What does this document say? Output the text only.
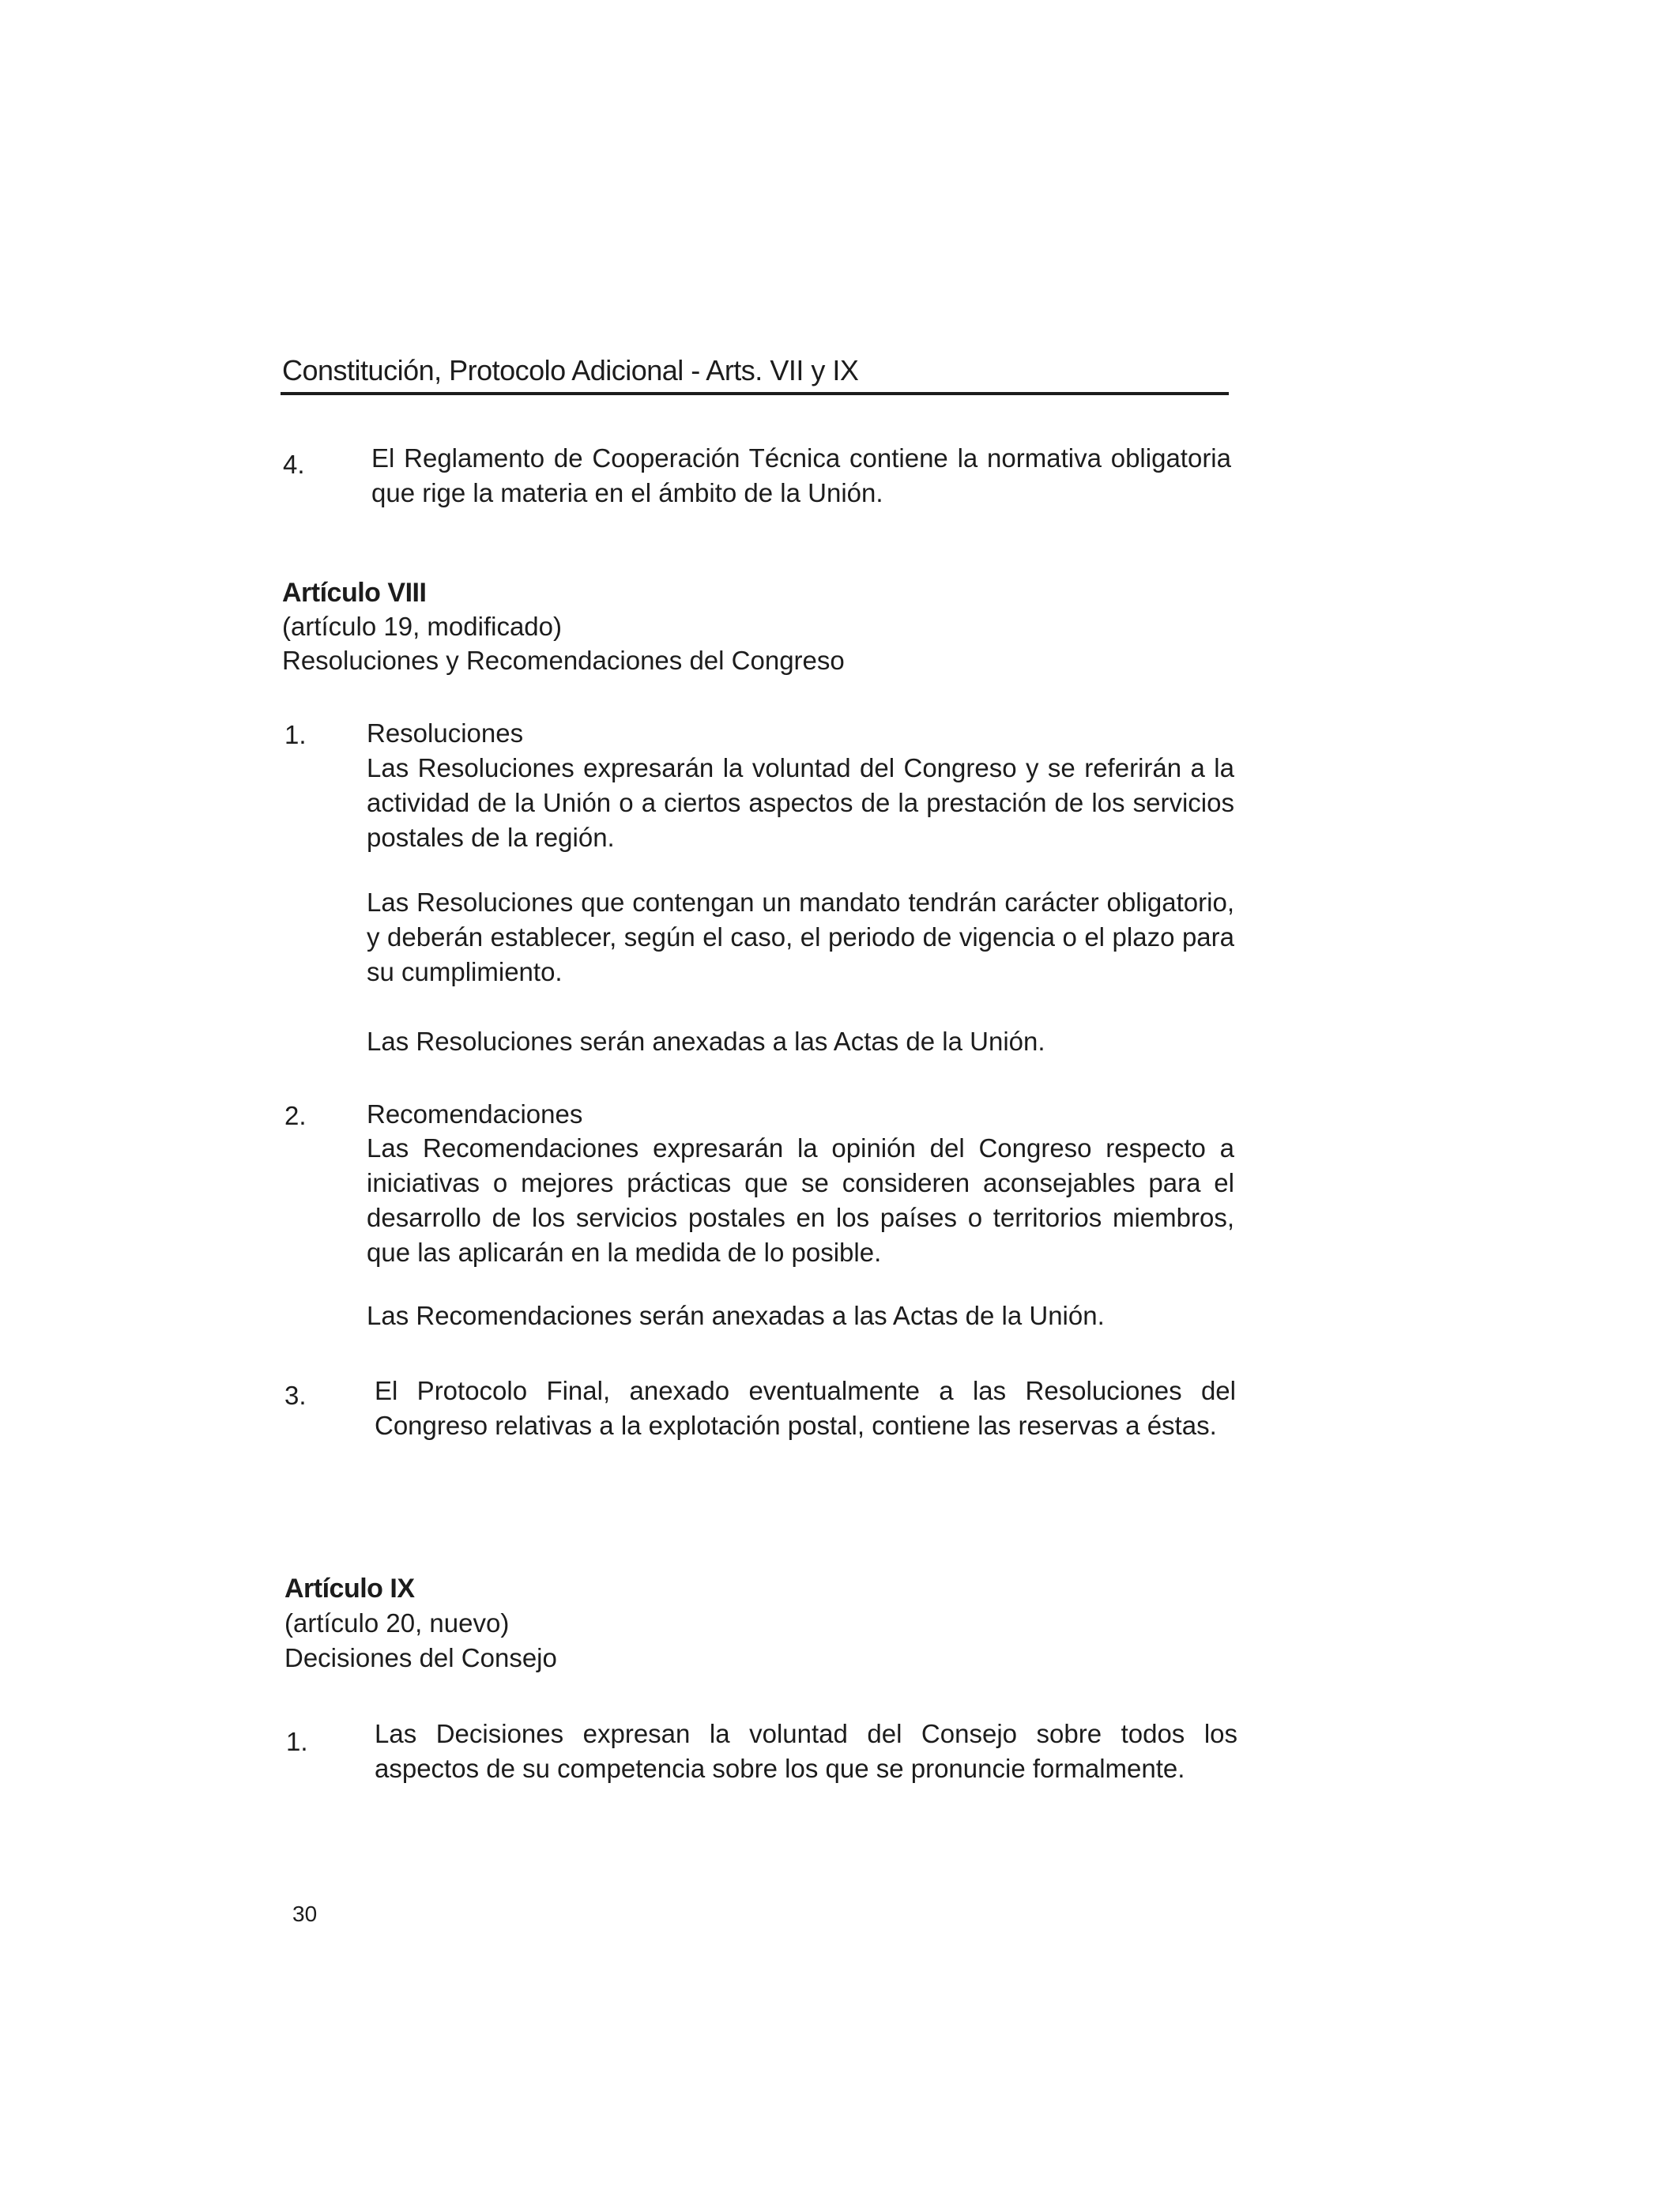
Constitución, Protocolo Adicional - Arts. VII y IX
4.	El Reglamento de Cooperación Técnica contiene la normativa obligatoria que rige la materia en el ámbito de la Unión.

Artículo VIII
(artículo 19, modificado)
Resoluciones y Recomendaciones del Congreso
1. Resoluciones

Las Resoluciones expresarán la voluntad del Congreso y se referirán a la actividad de la Unión o a ciertos aspectos de la prestación de los servicios postales de la región.

Las Resoluciones que contengan un mandato tendrán carácter obligatorio, y deberán establecer, según el caso, el periodo de vigencia o el plazo para su cumplimiento.

Las Resoluciones serán anexadas a las Actas de la Unión.

2. Recomendaciones

Las Recomendaciones expresarán la opinión del Congreso respecto a iniciativas o mejores prácticas que se consideren aconsejables para el desarrollo de los servicios postales en los países o territorios miembros, que las aplicarán en la medida de lo posible.

Las Recomendaciones serán anexadas a las Actas de la Unión.

3.	El Protocolo Final, anexado eventualmente a las Resoluciones del Congreso relativas a la explotación postal, contiene las reservas a éstas.

Artículo IX
(artículo 20, nuevo)
Decisiones del Consejo
1.	Las Decisiones expresan la voluntad del Consejo sobre todos los aspectos de su competencia sobre los que se pronuncie formalmente.

30
